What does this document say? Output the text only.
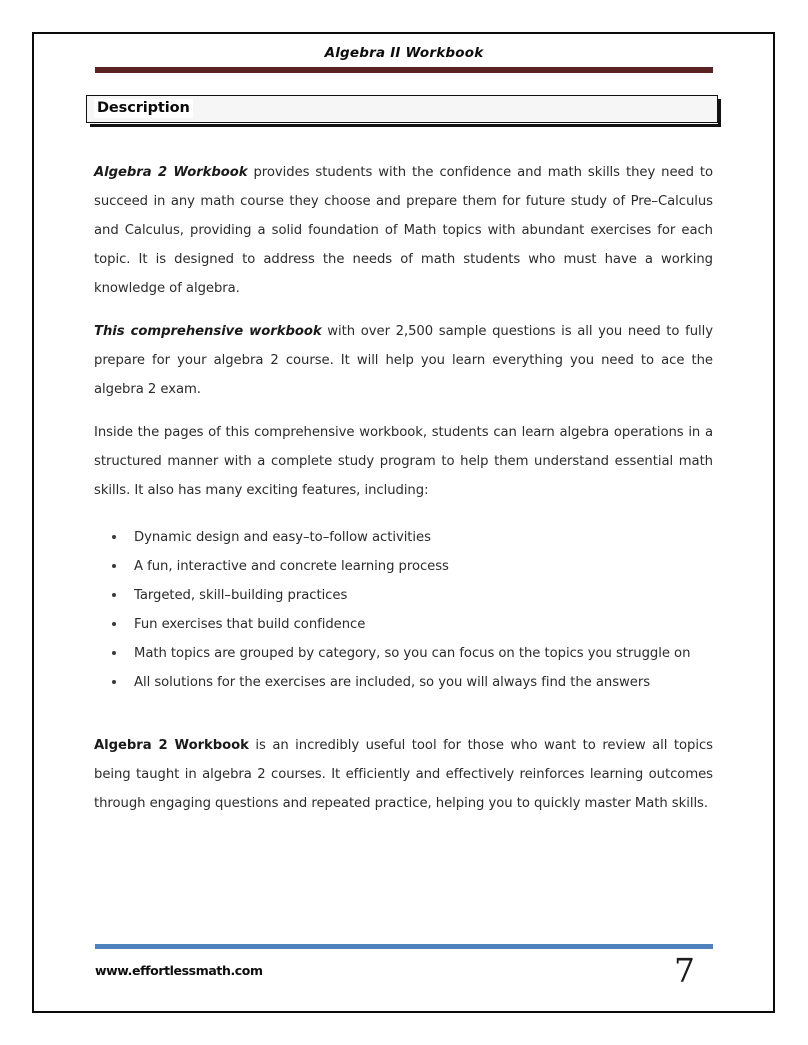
Algebra II Workbook
Description

Algebra 2 Workbook provides students with the confidence and math skills they need to succeed in any math course they choose and prepare them for future study of Pre–Calculus and Calculus, providing a solid foundation of Math topics with abundant exercises for each topic. It is designed to address the needs of math students who must have a working knowledge of algebra.

This comprehensive workbook with over 2,500 sample questions is all you need to fully prepare for your algebra 2 course. It will help you learn everything you need to ace the algebra 2 exam.

Inside the pages of this comprehensive workbook, students can learn algebra operations in a structured manner with a complete study program to help them understand essential math skills. It also has many exciting features, including:

Dynamic design and easy–to–follow activities
A fun, interactive and concrete learning process
Targeted, skill–building practices
Fun exercises that build confidence
Math topics are grouped by category, so you can focus on the topics you struggle on
All solutions for the exercises are included, so you will always find the answers

Algebra 2 Workbook is an incredibly useful tool for those who want to review all topics being taught in algebra 2 courses. It efficiently and effectively reinforces learning outcomes through engaging questions and repeated practice, helping you to quickly master Math skills.

www.effortlessmath.com	7
